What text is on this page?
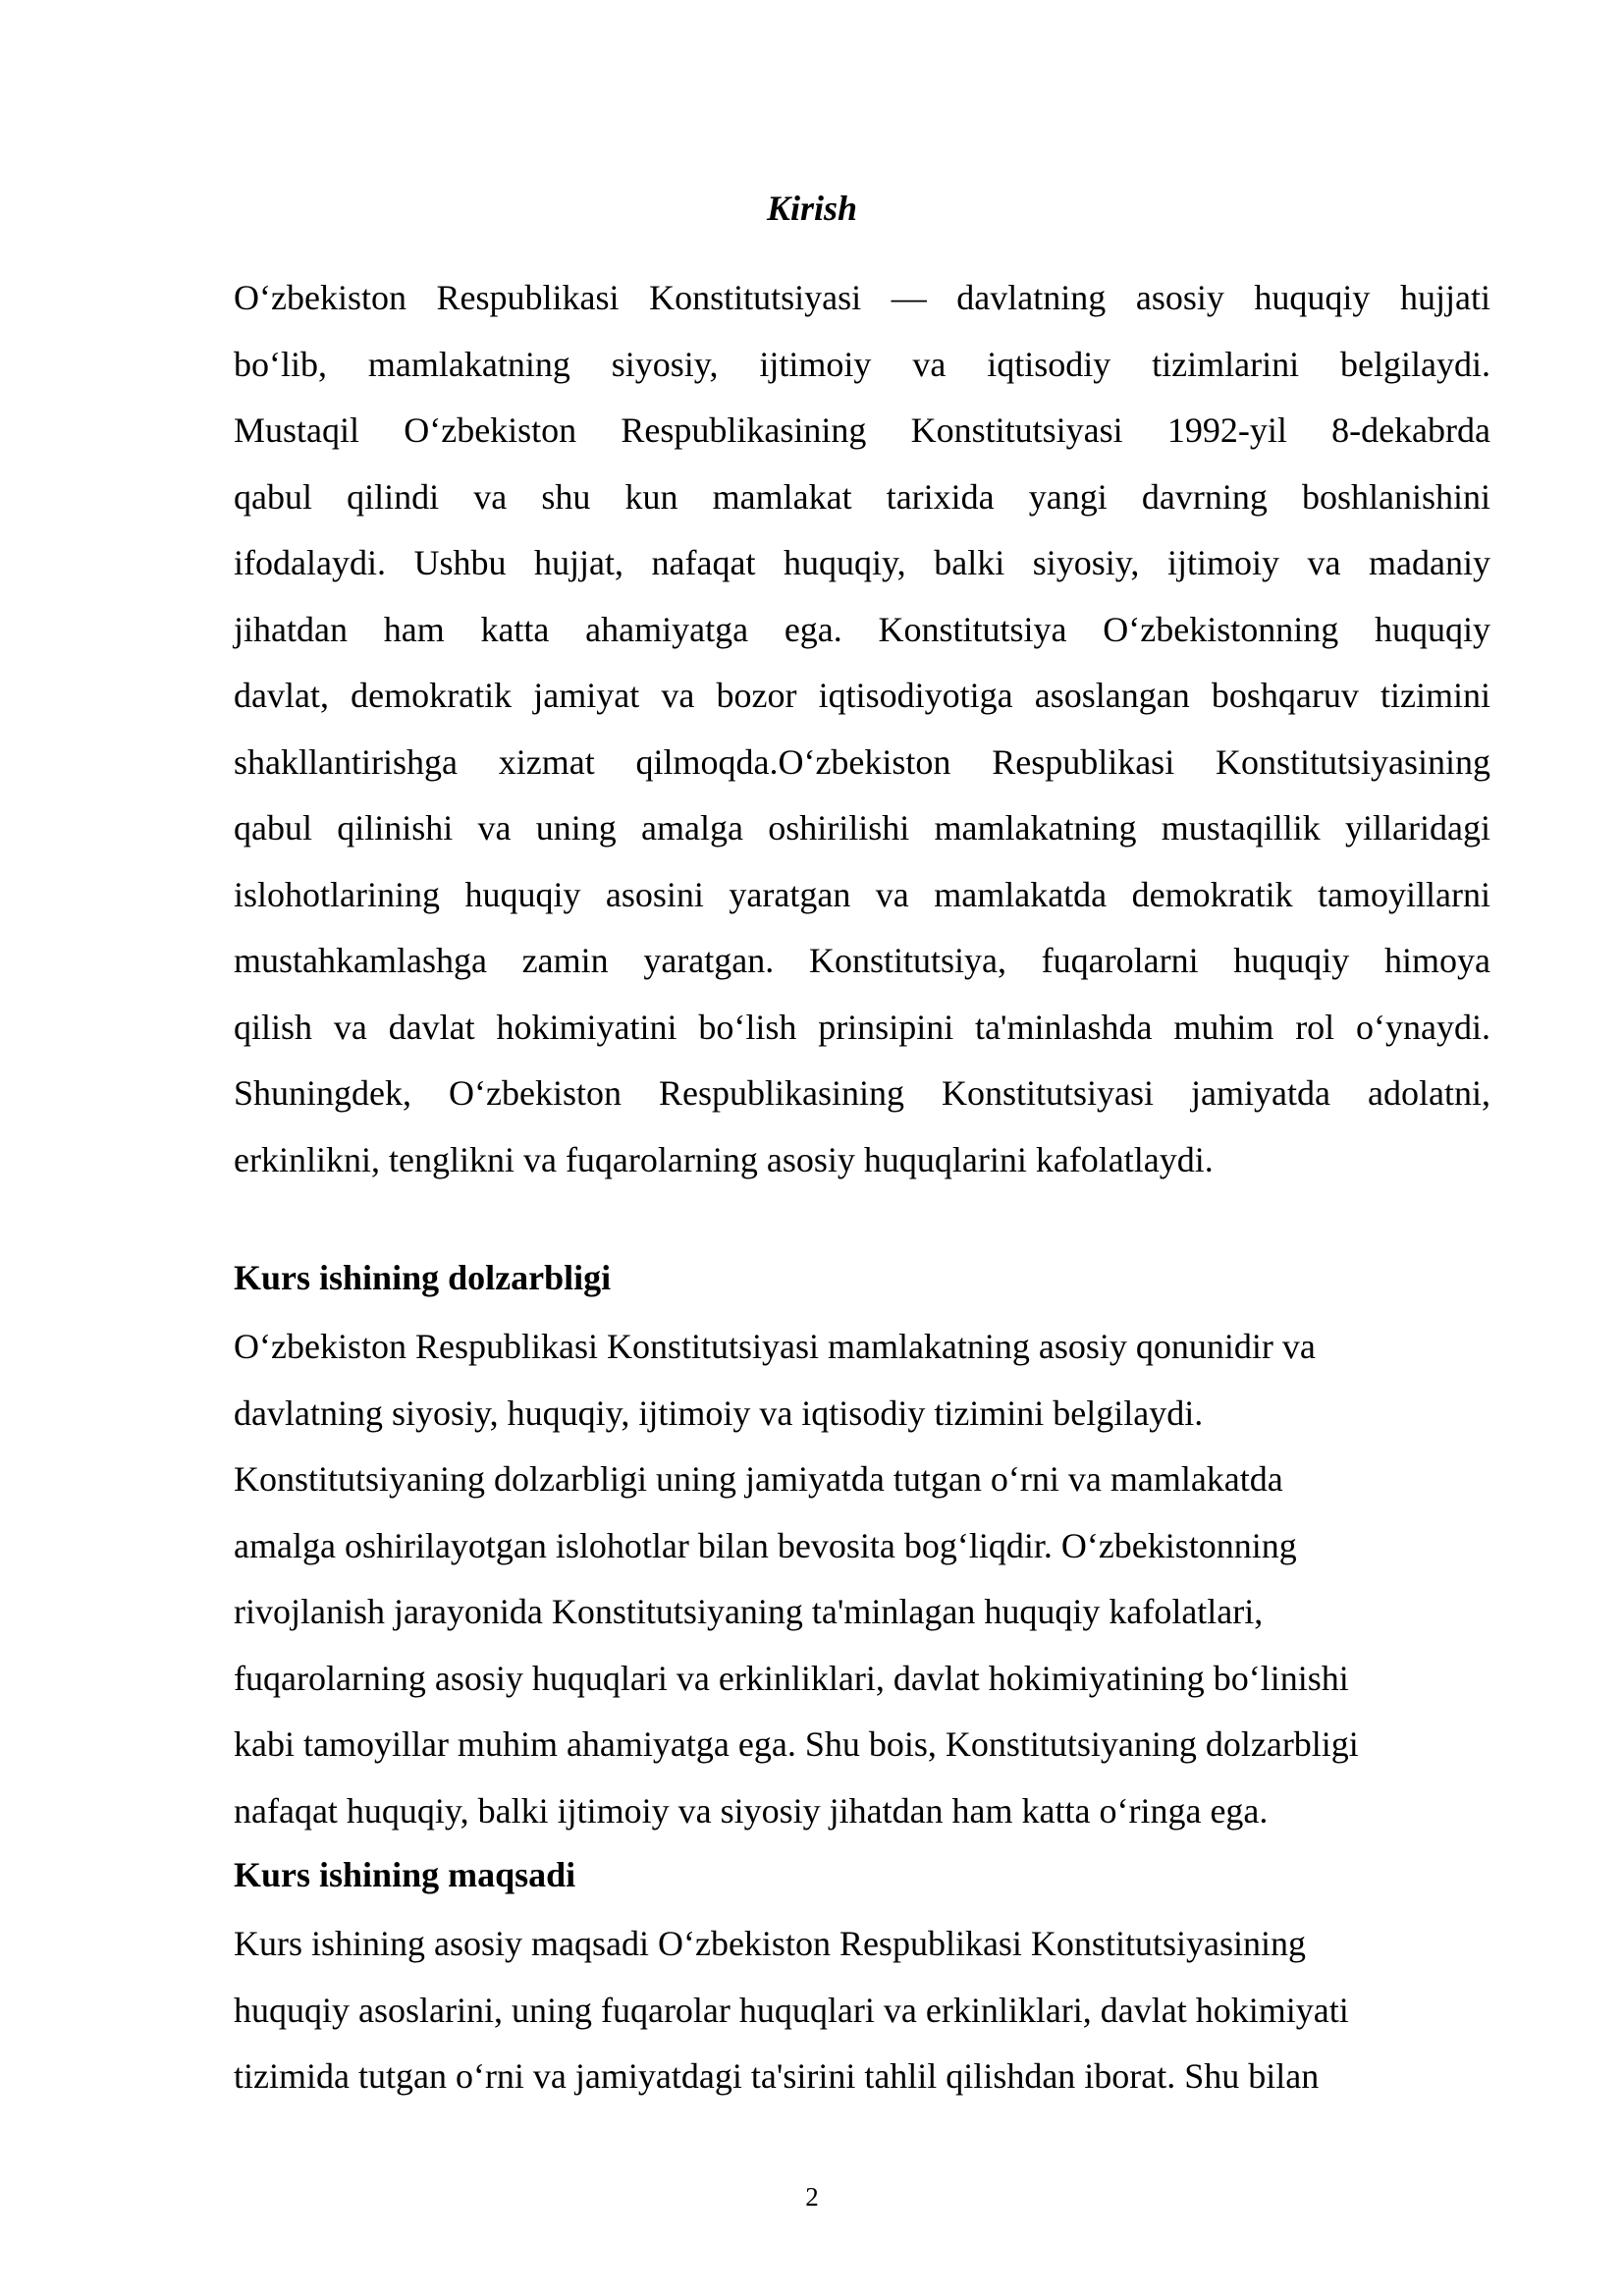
Kirish
O‘zbekiston Respublikasi Konstitutsiyasi — davlatning asosiy huquqiy hujjati
bo‘lib, mamlakatning siyosiy, ijtimoiy va iqtisodiy tizimlarini belgilaydi.
Mustaqil O‘zbekiston Respublikasining Konstitutsiyasi 1992-yil 8-dekabrda
qabul qilindi va shu kun mamlakat tarixida yangi davrning boshlanishini
ifodalaydi. Ushbu hujjat, nafaqat huquqiy, balki siyosiy, ijtimoiy va madaniy
jihatdan ham katta ahamiyatga ega. Konstitutsiya O‘zbekistonning huquqiy
davlat, demokratik jamiyat va bozor iqtisodiyotiga asoslangan boshqaruv tizimini
shakllantirishga xizmat qilmoqda.O‘zbekiston Respublikasi Konstitutsiyasining
qabul qilinishi va uning amalga oshirilishi mamlakatning mustaqillik yillaridagi
islohotlarining huquqiy asosini yaratgan va mamlakatda demokratik tamoyillarni
mustahkamlashga zamin yaratgan. Konstitutsiya, fuqarolarni huquqiy himoya
qilish va davlat hokimiyatini bo‘lish prinsipini ta'minlashda muhim rol o‘ynaydi.
Shuningdek, O‘zbekiston Respublikasining Konstitutsiyasi jamiyatda adolatni,
erkinlikni, tenglikni va fuqarolarning asosiy huquqlarini kafolatlaydi.
Kurs ishining dolzarbligi
O‘zbekiston Respublikasi Konstitutsiyasi mamlakatning asosiy qonunidir va
davlatning siyosiy, huquqiy, ijtimoiy va iqtisodiy tizimini belgilaydi.
Konstitutsiyaning dolzarbligi uning jamiyatda tutgan o‘rni va mamlakatda
amalga oshirilayotgan islohotlar bilan bevosita bog‘liqdir. O‘zbekistonning
rivojlanish jarayonida Konstitutsiyaning ta'minlagan huquqiy kafolatlari,
fuqarolarning asosiy huquqlari va erkinliklari, davlat hokimiyatining bo‘linishi
kabi tamoyillar muhim ahamiyatga ega. Shu bois, Konstitutsiyaning dolzarbligi
nafaqat huquqiy, balki ijtimoiy va siyosiy jihatdan ham katta o‘ringa ega.
Kurs ishining maqsadi
Kurs ishining asosiy maqsadi O‘zbekiston Respublikasi Konstitutsiyasining
huquqiy asoslarini, uning fuqarolar huquqlari va erkinliklari, davlat hokimiyati
tizimida tutgan o‘rni va jamiyatdagi ta'sirini tahlil qilishdan iborat. Shu bilan
2
